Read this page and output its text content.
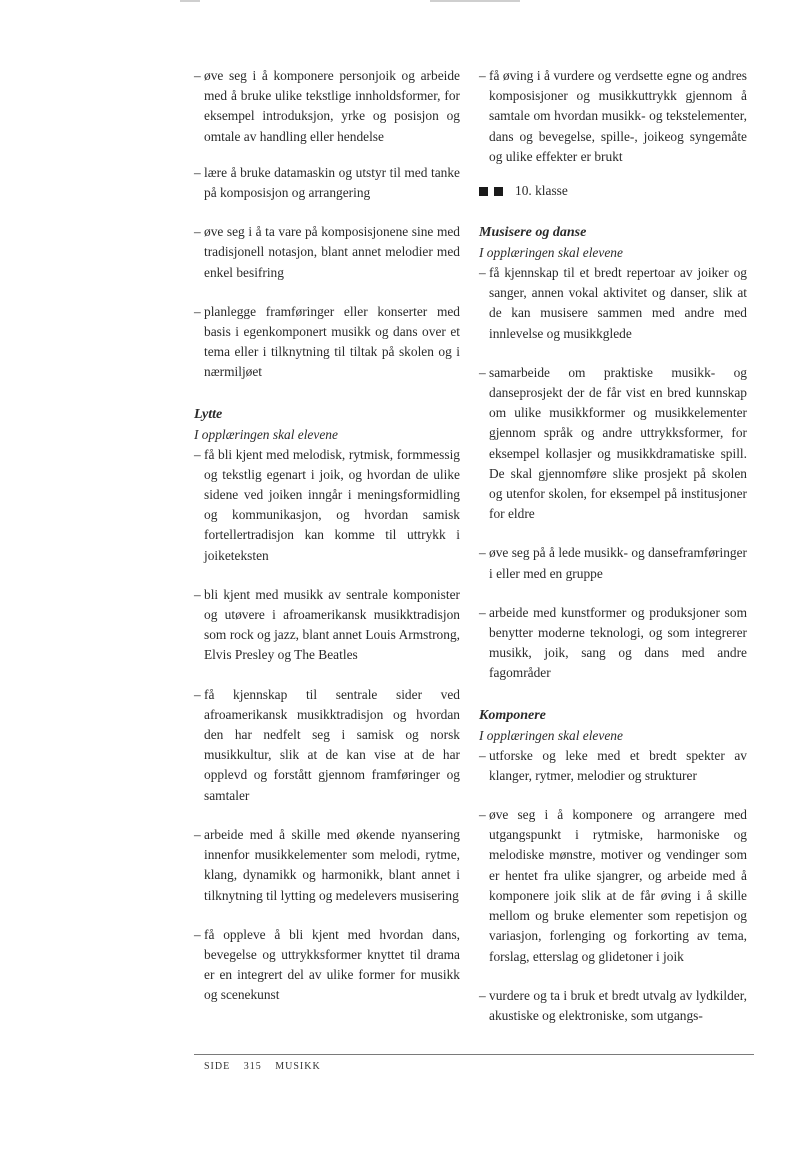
– øve seg i å komponere personjoik og arbeide med å bruke ulike tekstlige innholdsformer, for eksempel introduksjon, yrke og posisjon og omtale av handling eller hendelse
– lære å bruke datamaskin og utstyr til med tanke på komposisjon og arrangering
– øve seg i å ta vare på komposisjonene sine med tradisjonell notasjon, blant annet melodier med enkel besifring
– planlegge framføringer eller konserter med basis i egenkomponert musikk og dans over et tema eller i tilknytning til tiltak på skolen og i nærmiljøet
Lytte
I opplæringen skal elevene
– få bli kjent med melodisk, rytmisk, formmessig og tekstlig egenart i joik, og hvordan de ulike sidene ved joiken inngår i meningsformidling og kommunikasjon, og hvordan samisk fortellertradisjon kan komme til uttrykk i joiketeksten
– bli kjent med musikk av sentrale komponister og utøvere i afroamerikansk musikktradisjon som rock og jazz, blant annet Louis Armstrong, Elvis Presley og The Beatles
– få kjennskap til sentrale sider ved afroamerikansk musikktradisjon og hvordan den har nedfelt seg i samisk og norsk musikkultur, slik at de kan vise at de har opplevd og forstått gjennom framføringer og samtaler
– arbeide med å skille med økende nyansering innenfor musikkelementer som melodi, rytme, klang, dynamikk og harmonikk, blant annet i tilknytning til lytting og medelevers musisering
– få oppleve å bli kjent med hvordan dans, bevegelse og uttrykksformer knyttet til drama er en integrert del av ulike former for musikk og scenekunst
– få øving i å vurdere og verdsette egne og andres komposisjoner og musikkuttrykk gjennom å samtale om hvordan musikk- og tekstelementer, dans og bevegelse, spille-, joikeog syngemåte og ulike effekter er brukt
10. klasse
Musisere og danse
I opplæringen skal elevene
– få kjennskap til et bredt repertoar av joiker og sanger, annen vokal aktivitet og danser, slik at de kan musisere sammen med andre med innlevelse og musikkglede
– samarbeide om praktiske musikk- og danseprosjekt der de får vist en bred kunnskap om ulike musikkformer og musikkelementer gjennom språk og andre uttrykksformer, for eksempel kollasjer og musikkdramatiske spill. De skal gjennomføre slike prosjekt på skolen og utenfor skolen, for eksempel på institusjoner for eldre
– øve seg på å lede musikk- og danseframføringer i eller med en gruppe
– arbeide med kunstformer og produksjoner som benytter moderne teknologi, og som integrerer musikk, joik, sang og dans med andre fagområder
Komponere
I opplæringen skal elevene
– utforske og leke med et bredt spekter av klanger, rytmer, melodier og strukturer
– øve seg i å komponere og arrangere med utgangspunkt i rytmiske, harmoniske og melodiske mønstre, motiver og vendinger som er hentet fra ulike sjangrer, og arbeide med å komponere joik slik at de får øving i å skille mellom og bruke elementer som repetisjon og variasjon, forlenging og forkorting av tema, forslag, etterslag og glidetoner i joik
– vurdere og ta i bruk et bredt utvalg av lydkilder, akustiske og elektroniske, som utgangs-
SIDE 315 MUSIKK
